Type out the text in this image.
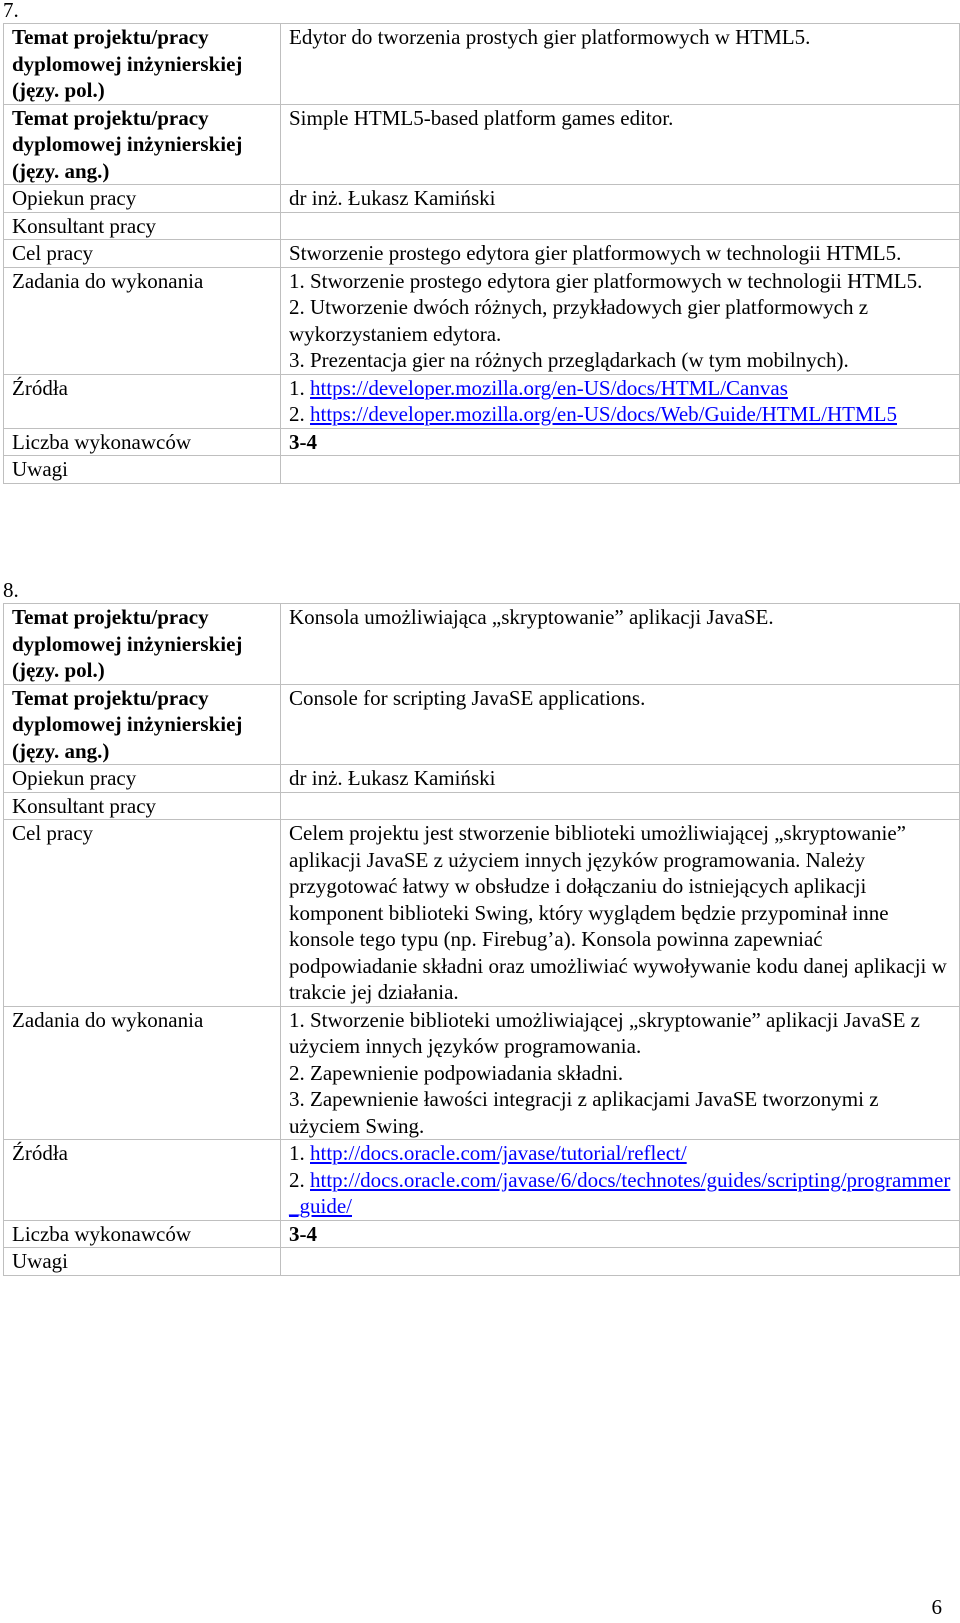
7.

Temat projektu/pracy dyplomowej inżynierskiej (języ. pol.)	Edytor do tworzenia prostych gier platformowych w HTML5.
Temat projektu/pracy dyplomowej inżynierskiej (języ. ang.)	Simple HTML5-based platform games editor.
Opiekun pracy	dr inż. Łukasz Kamiński
Konsultant pracy	
Cel pracy	Stworzenie prostego edytora gier platformowych w technologii HTML5.
Zadania do wykonania	1. Stworzenie prostego edytora gier platformowych w technologii HTML5.
2. Utworzenie dwóch różnych, przykładowych gier platformowych z wykorzystaniem edytora.
3. Prezentacja gier na różnych przeglądarkach (w tym mobilnych).

Źródła	1. https://developer.mozilla.org/en-US/docs/HTML/Canvas
2. https://developer.mozilla.org/en-US/docs/Web/Guide/HTML/HTML5

Liczba wykonawców	3-4
Uwagi	

8.

Temat projektu/pracy dyplomowej inżynierskiej (języ. pol.)	Konsola umożliwiająca „skryptowanie” aplikacji JavaSE.
Temat projektu/pracy dyplomowej inżynierskiej (języ. ang.)	Console for scripting JavaSE applications.
Opiekun pracy	dr inż. Łukasz Kamiński
Konsultant pracy	
Cel pracy	Celem projektu jest stworzenie biblioteki umożliwiającej „skryptowanie” aplikacji JavaSE z użyciem innych języków programowania. Należy przygotować łatwy w obsłudze i dołączaniu do istniejących aplikacji komponent biblioteki Swing, który wyglądem będzie przypominał inne konsole tego typu (np. Firebug’a). Konsola powinna zapewniać podpowiadanie składni oraz umożliwiać wywoływanie kodu danej aplikacji w trakcie jej działania.
Zadania do wykonania	1. Stworzenie biblioteki umożliwiającej „skryptowanie” aplikacji JavaSE z użyciem innych języków programowania.
2. Zapewnienie podpowiadania składni.
3. Zapewnienie ławości integracji z aplikacjami JavaSE tworzonymi z użyciem Swing.

Źródła	1. http://docs.oracle.com/javase/tutorial/reflect/
2. http://docs.oracle.com/javase/6/docs/technotes/guides/scripting/programmer_guide/

Liczba wykonawców	3-4
Uwagi	

6
